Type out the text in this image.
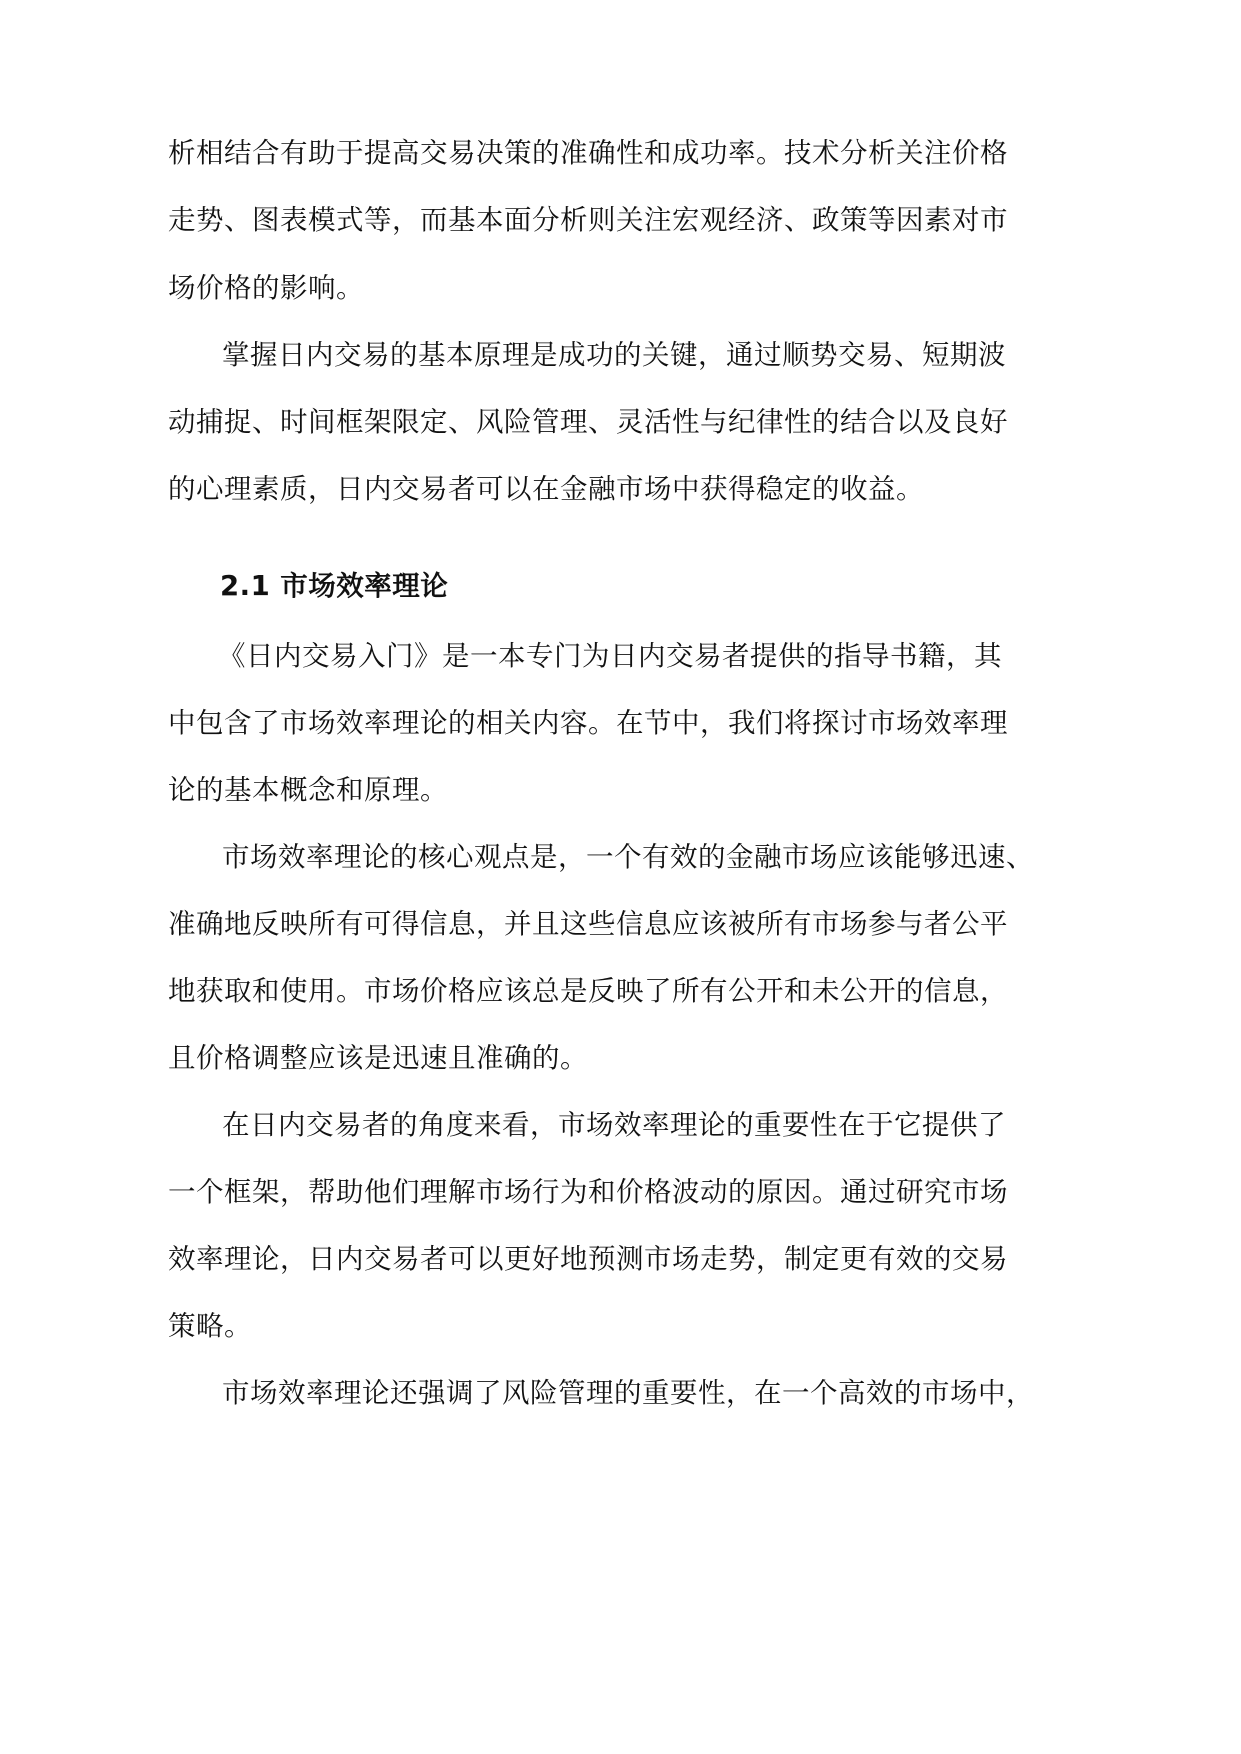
析相结合有助于提高交易决策的准确性和成功率。技术分析关注价格
走势、图表模式等，而基本面分析则关注宏观经济、政策等因素对市
场价格的影响。
掌握日内交易的基本原理是成功的关键，通过顺势交易、短期波
动捕捉、时间框架限定、风险管理、灵活性与纪律性的结合以及良好
的心理素质，日内交易者可以在金融市场中获得稳定的收益。
2.1 市场效率理论
《日内交易入门》是一本专门为日内交易者提供的指导书籍，其
中包含了市场效率理论的相关内容。在节中，我们将探讨市场效率理
论的基本概念和原理。
市场效率理论的核心观点是，一个有效的金融市场应该能够迅速、
准确地反映所有可得信息，并且这些信息应该被所有市场参与者公平
地获取和使用。市场价格应该总是反映了所有公开和未公开的信息，
且价格调整应该是迅速且准确的。
在日内交易者的角度来看，市场效率理论的重要性在于它提供了
一个框架，帮助他们理解市场行为和价格波动的原因。通过研究市场
效率理论，日内交易者可以更好地预测市场走势，制定更有效的交易
策略。
市场效率理论还强调了风险管理的重要性，在一个高效的市场中，
